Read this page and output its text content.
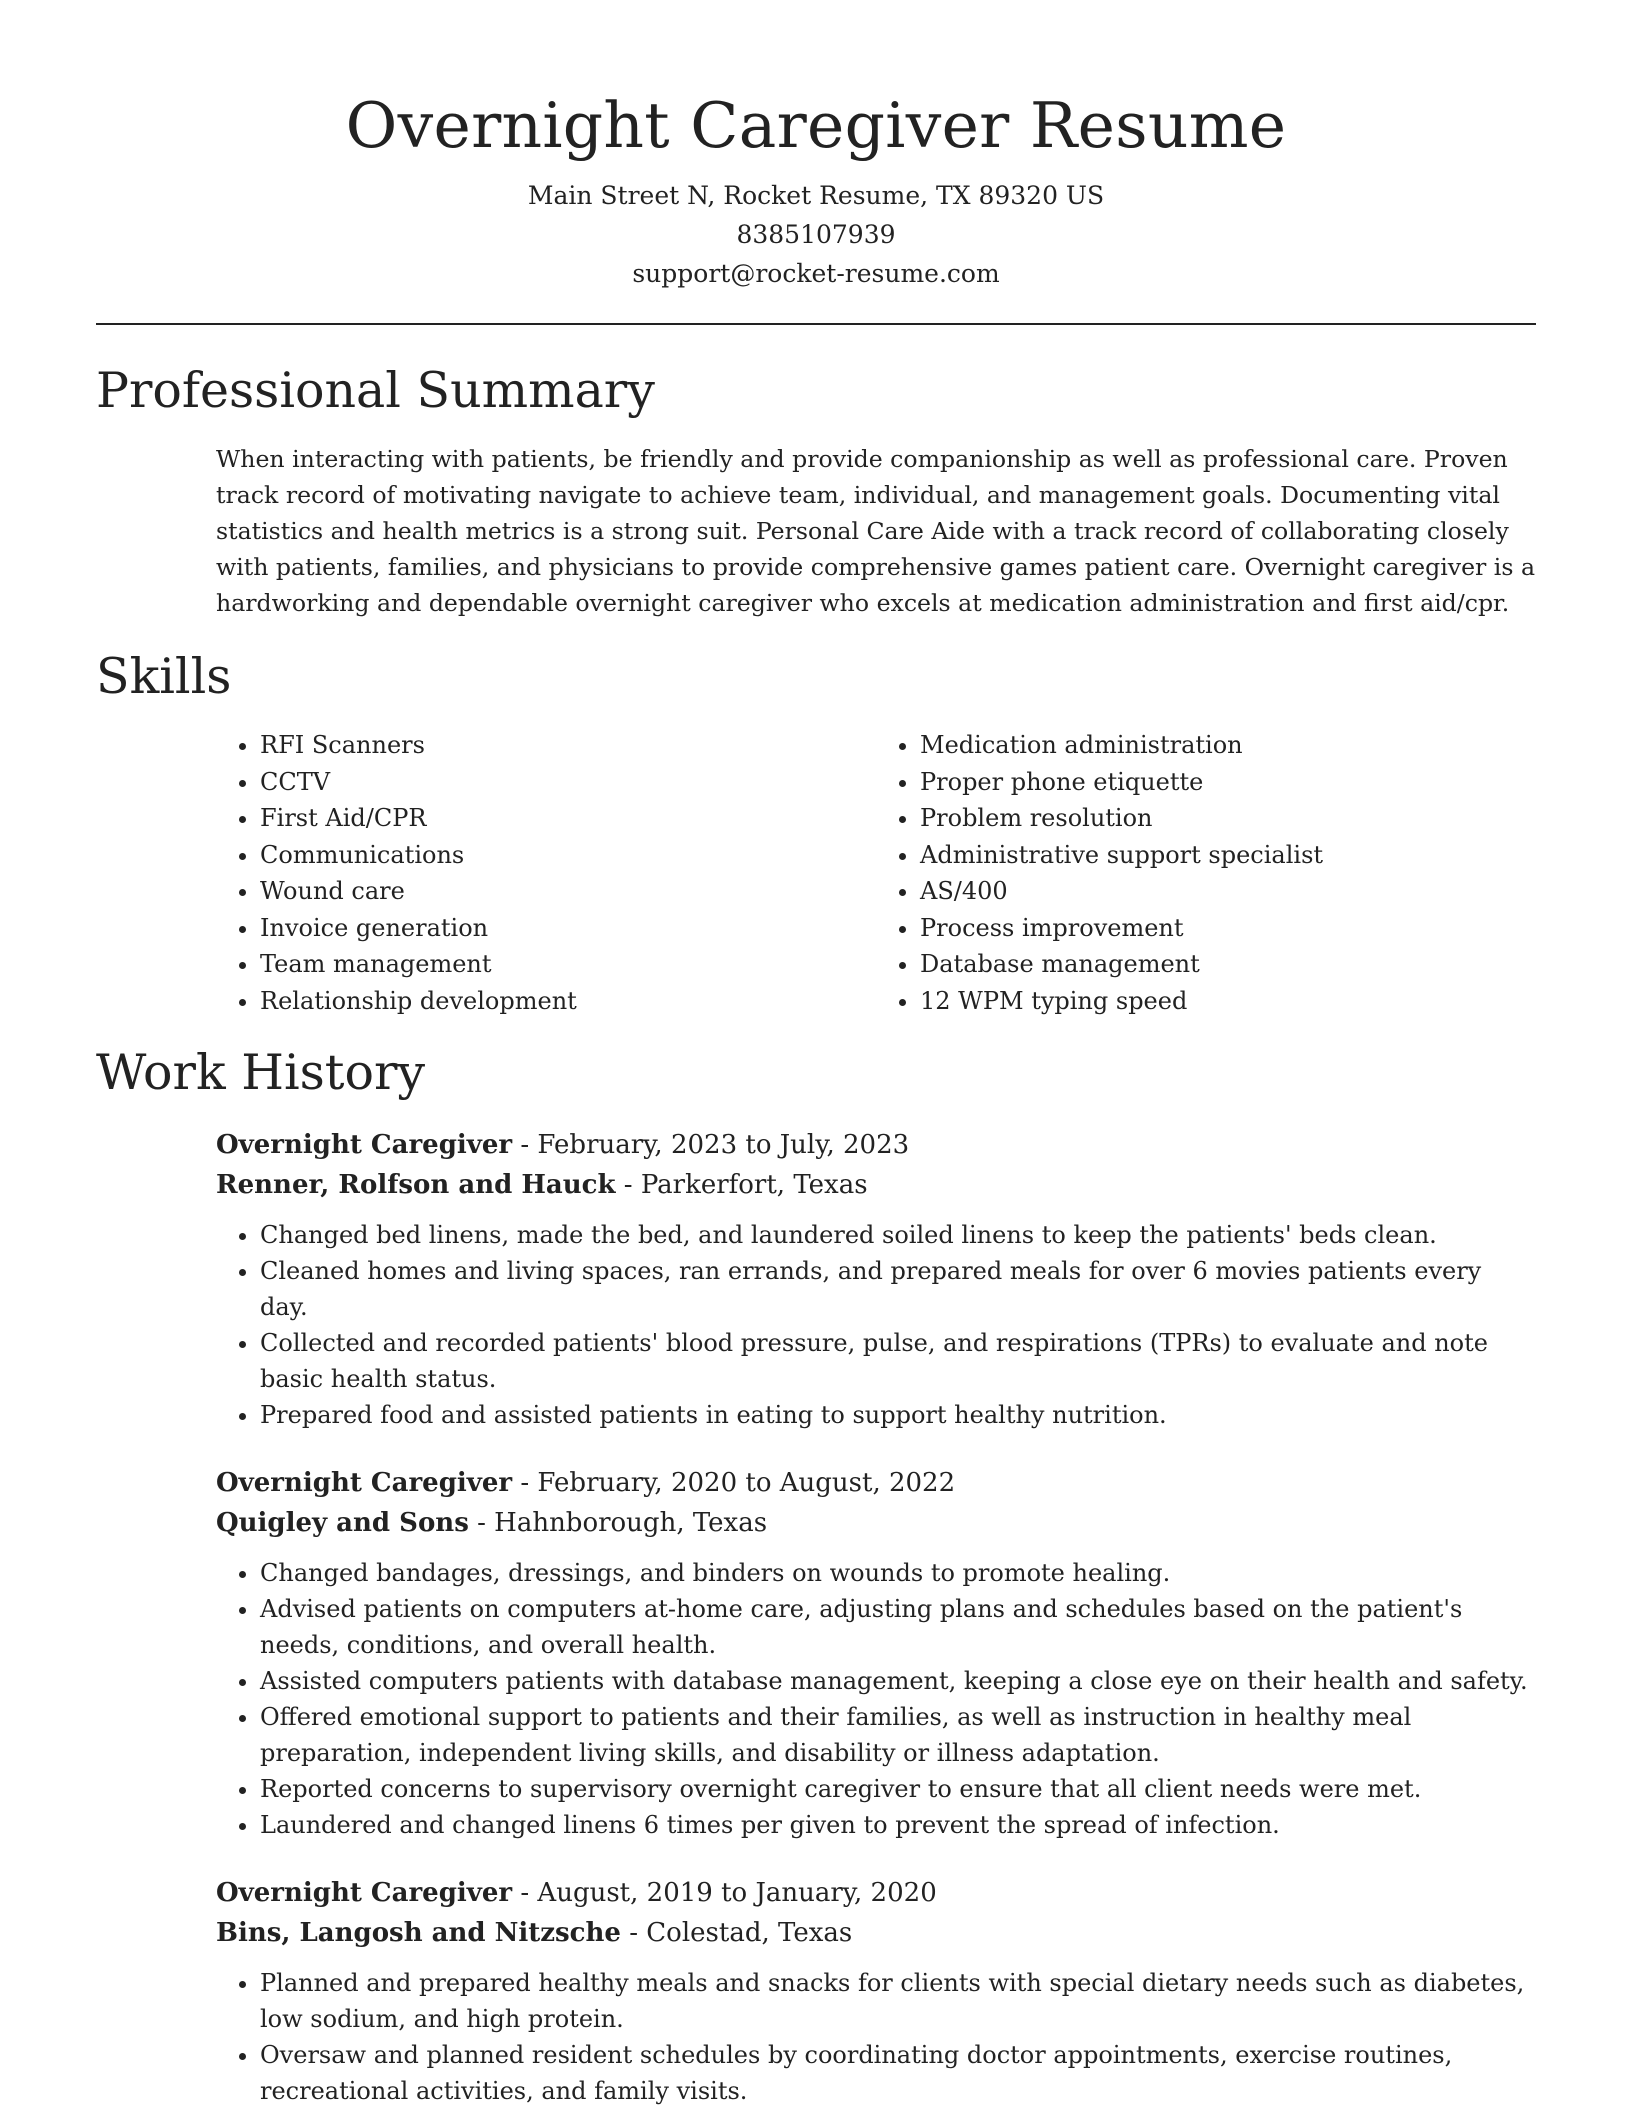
Overnight Caregiver Resume

Main Street N, Rocket Resume, TX 89320 US

8385107939

support@rocket-resume.com

Professional Summary

When interacting with patients, be friendly and provide companionship as well as professional care. Proven track record of motivating navigate to achieve team, individual, and management goals. Documenting vital statistics and health metrics is a strong suit. Personal Care Aide with a track record of collaborating closely with patients, families, and physicians to provide comprehensive games patient care. Overnight caregiver is a hardworking and dependable overnight caregiver who excels at medication administration and first aid/cpr.

Skills
• RFI Scanners
• CCTV
• First Aid/CPR
• Communications
• Wound care
• Invoice generation
• Team management
• Relationship development
• Medication administration
• Proper phone etiquette
• Problem resolution
• Administrative support specialist
• AS/400
• Process improvement
• Database management
• 12 WPM typing speed
Work History

Overnight Caregiver - February, 2023 to July, 2023

Renner, Rolfson and Hauck - Parkerfort, Texas

• Changed bed linens, made the bed, and laundered soiled linens to keep the patients' beds clean.
• Cleaned homes and living spaces, ran errands, and prepared meals for over 6 movies patients every day.
• Collected and recorded patients' blood pressure, pulse, and respirations (TPRs) to evaluate and note basic health status.
• Prepared food and assisted patients in eating to support healthy nutrition.

Overnight Caregiver - February, 2020 to August, 2022

Quigley and Sons - Hahnborough, Texas

• Changed bandages, dressings, and binders on wounds to promote healing.
• Advised patients on computers at-home care, adjusting plans and schedules based on the patient's needs, conditions, and overall health.
• Assisted computers patients with database management, keeping a close eye on their health and safety.
• Offered emotional support to patients and their families, as well as instruction in healthy meal preparation, independent living skills, and disability or illness adaptation.
• Reported concerns to supervisory overnight caregiver to ensure that all client needs were met.
• Laundered and changed linens 6 times per given to prevent the spread of infection.

Overnight Caregiver - August, 2019 to January, 2020

Bins, Langosh and Nitzsche - Colestad, Texas

• Planned and prepared healthy meals and snacks for clients with special dietary needs such as diabetes, low sodium, and high protein.
• Oversaw and planned resident schedules by coordinating doctor appointments, exercise routines, recreational activities, and family visits.
